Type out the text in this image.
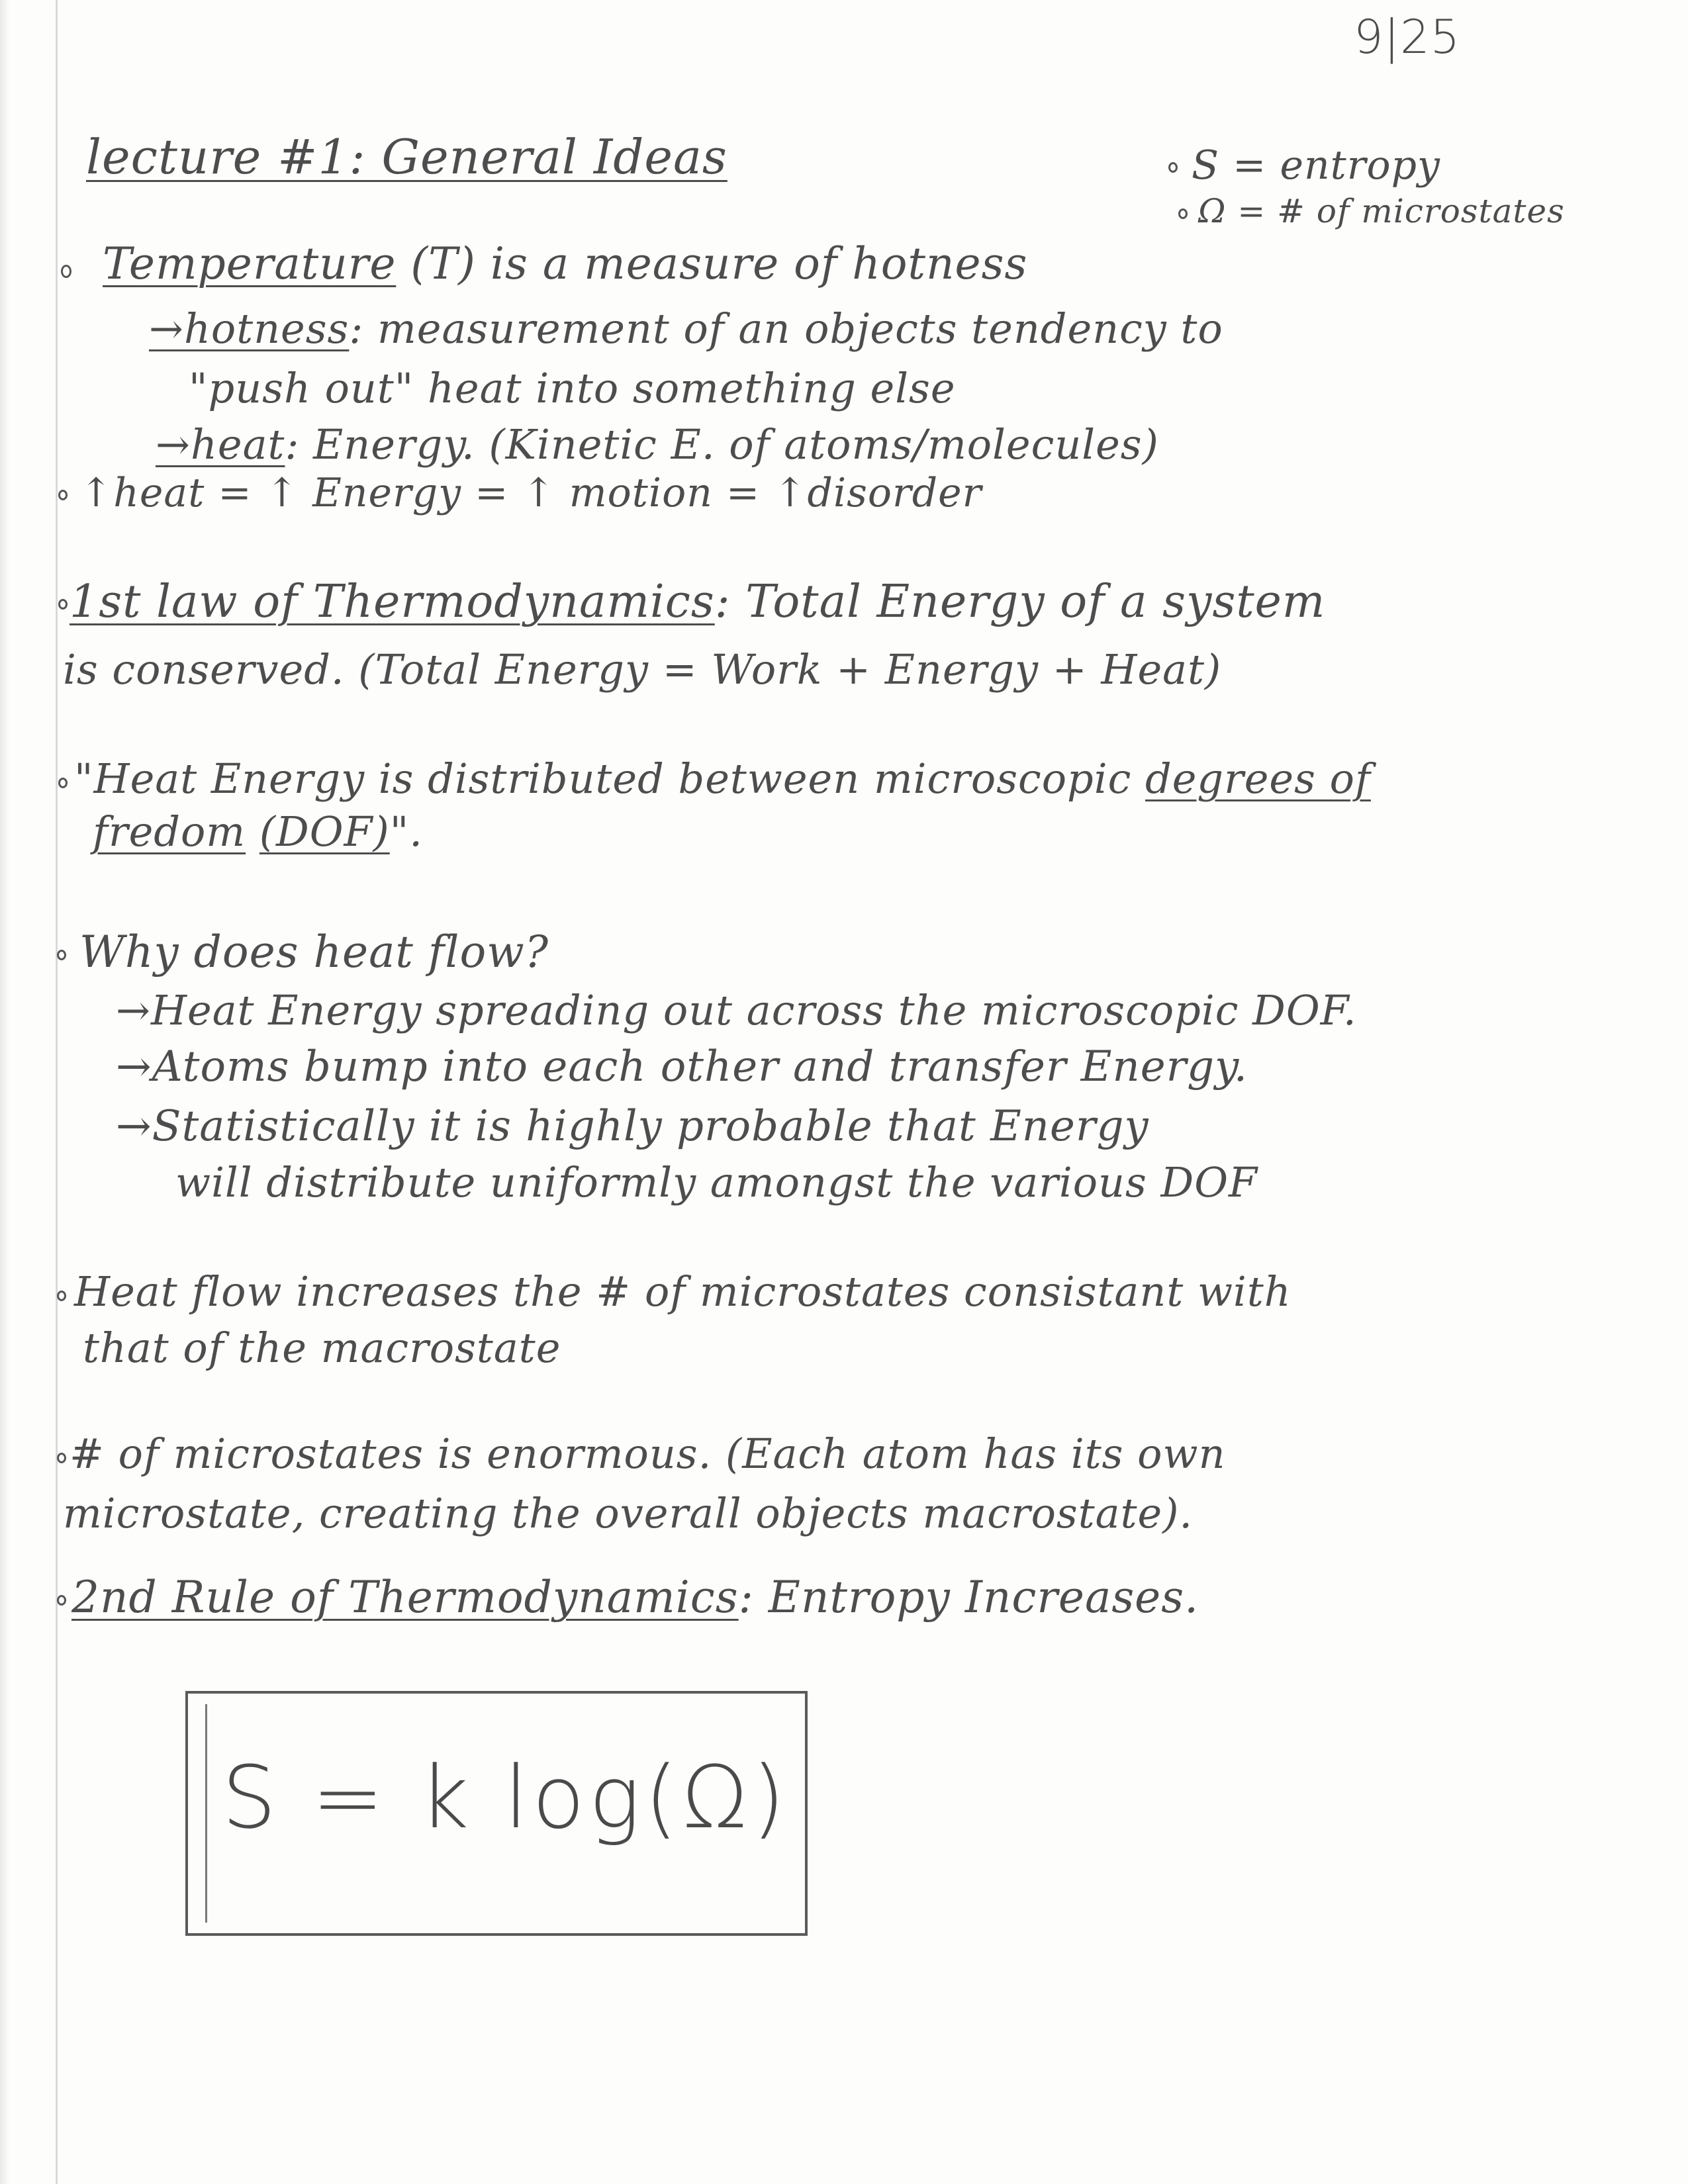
9|25
lecture #1: General Ideas	S = entropy
Ω = # of microstates
Temperature (T) is a measure of hotness
→hotness: measurement of an objects tendency to
"push out" heat into something else
→heat: Energy. (Kinetic E. of atoms/molecules)
↑heat = ↑ Energy = ↑ motion = ↑disorder
1st law of Thermodynamics: Total Energy of a system
is conserved. (Total Energy = Work + Energy + Heat)
"Heat Energy is distributed between microscopic degrees of
fredom (DOF)".
Why does heat flow?
→Heat Energy spreading out across the microscopic DOF.
→Atoms bump into each other and transfer Energy.
→Statistically it is highly probable that Energy
will distribute uniformly amongst the various DOF
Heat flow increases the # of microstates consistant with
that of the macrostate
# of microstates is enormous. (Each atom has its own
microstate, creating the overall objects macrostate).
2nd Rule of Thermodynamics: Entropy Increases.
S = k log(Ω)
